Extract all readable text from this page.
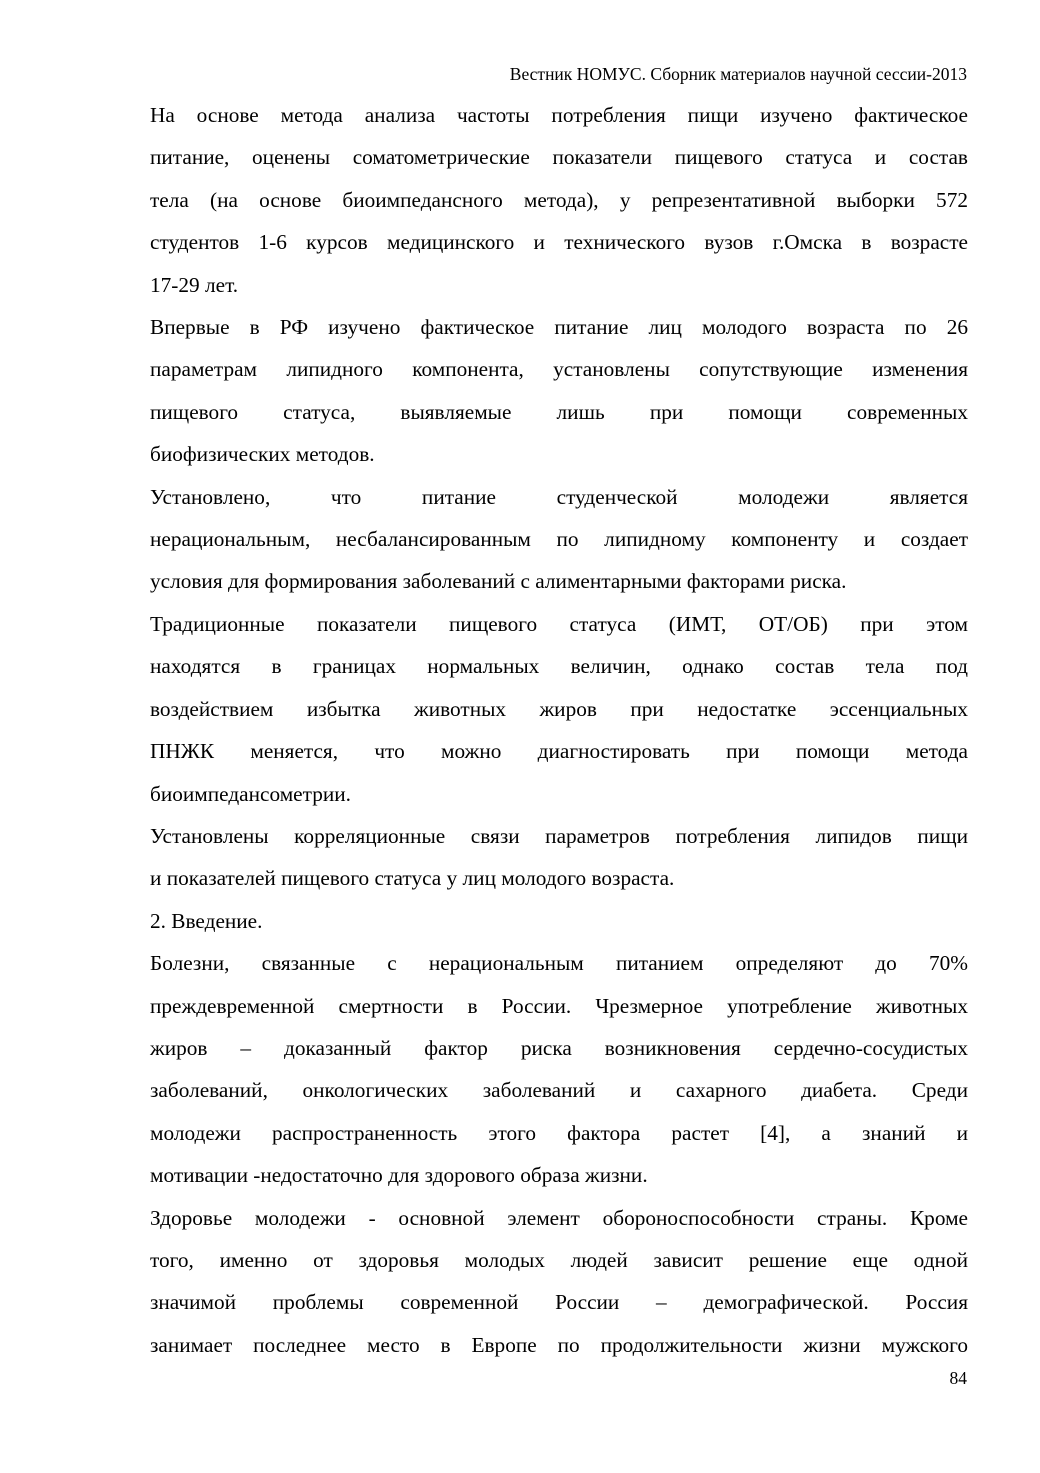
Вестник НОМУС. Сборник материалов научной сессии-2013
На основе метода анализа частоты потребления пищи изучено фактическое
питание, оценены соматометрические показатели пищевого статуса и состав
тела (на основе биоимпедансного метода), у репрезентативной выборки 572
студентов 1-6 курсов медицинского и технического вузов г.Омска в возрасте
17-29 лет.
Впервые в РФ изучено фактическое питание лиц молодого возраста по 26
параметрам липидного компонента, установлены сопутствующие изменения
пищевого статуса, выявляемые лишь при помощи современных
биофизических методов.
Установлено, что питание студенческой молодежи является
нерациональным, несбалансированным по липидному компоненту и создает
условия для формирования заболеваний с алиментарными факторами риска.
Традиционные показатели пищевого статуса (ИМТ, ОТ/ОБ) при этом
находятся в границах нормальных величин, однако состав тела под
воздействием избытка животных жиров при недостатке эссенциальных
ПНЖК меняется, что можно диагностировать при помощи метода
биоимпедансометрии.
Установлены корреляционные связи параметров потребления липидов пищи
и показателей пищевого статуса у лиц молодого возраста.
2. Введение.
Болезни, связанные с нерациональным питанием определяют до 70%
преждевременной смертности в России. Чрезмерное употребление животных
жиров – доказанный фактор риска возникновения сердечно-сосудистых
заболеваний, онкологических заболеваний и сахарного диабета. Среди
молодежи распространенность этого фактора растет [4], а знаний и
мотивации -недостаточно для здорового образа жизни.
Здоровье молодежи - основной элемент обороноспособности страны. Кроме
того, именно от здоровья молодых людей зависит решение еще одной
значимой проблемы современной России – демографической. Россия
занимает последнее место в Европе по продолжительности жизни мужского
84
